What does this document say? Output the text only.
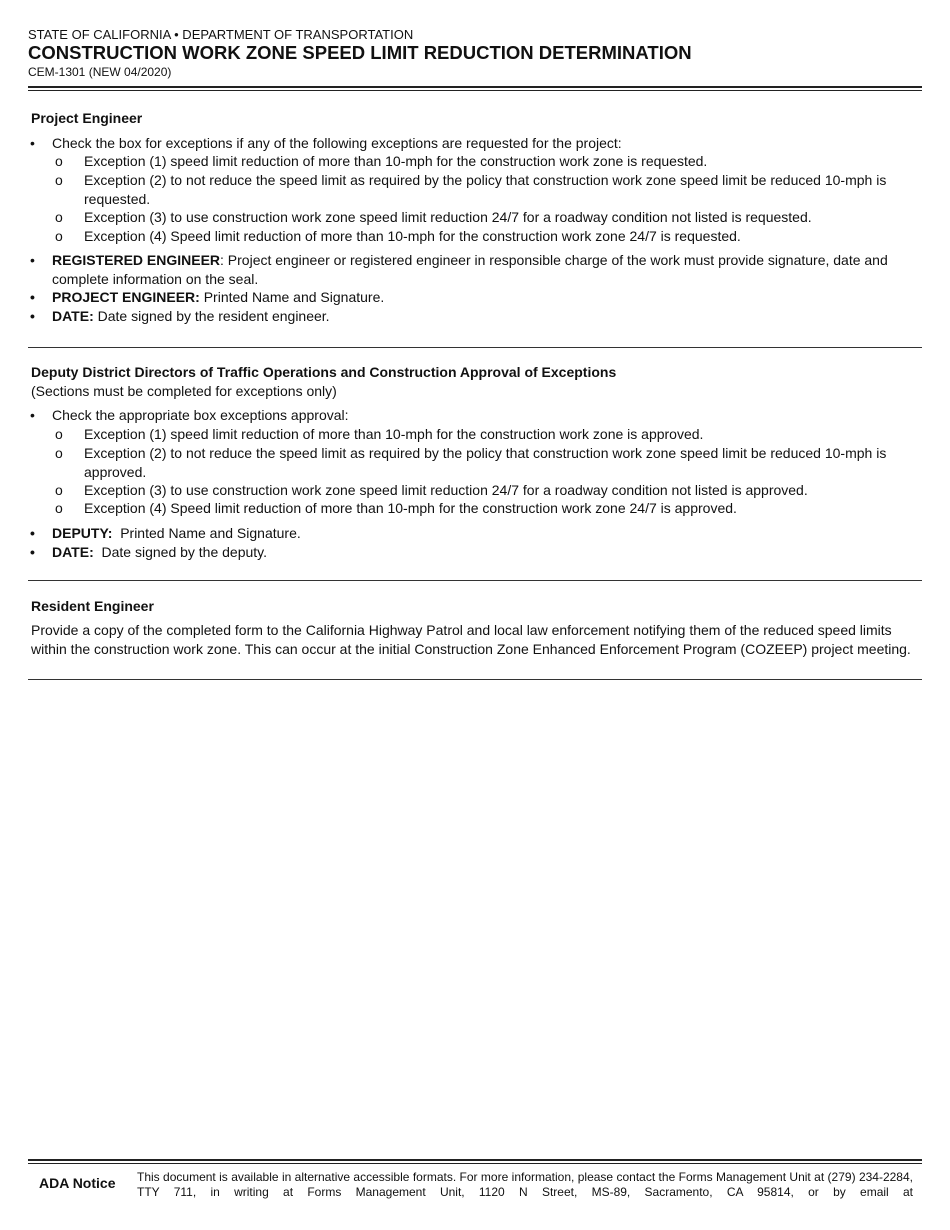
STATE OF CALIFORNIA • DEPARTMENT OF TRANSPORTATION
CONSTRUCTION WORK ZONE SPEED LIMIT REDUCTION DETERMINATION
CEM-1301 (NEW 04/2020)
Project Engineer
• Check the box for exceptions if any of the following exceptions are requested for the project:
o Exception (1) speed limit reduction of more than 10-mph for the construction work zone is requested.
o Exception (2) to not reduce the speed limit as required by the policy that construction work zone speed limit be reduced 10-mph is requested.
o Exception (3) to use construction work zone speed limit reduction 24/7 for a roadway condition not listed is requested.
o Exception (4) Speed limit reduction of more than 10-mph for the construction work zone 24/7 is requested.
• REGISTERED ENGINEER: Project engineer or registered engineer in responsible charge of the work must provide signature, date and complete information on the seal.
• PROJECT ENGINEER: Printed Name and Signature.
• DATE: Date signed by the resident engineer.
Deputy District Directors of Traffic Operations and Construction Approval of Exceptions
(Sections must be completed for exceptions only)
• Check the appropriate box exceptions approval:
o Exception (1) speed limit reduction of more than 10-mph for the construction work zone is approved.
o Exception (2) to not reduce the speed limit as required by the policy that construction work zone speed limit be reduced 10-mph is approved.
o Exception (3) to use construction work zone speed limit reduction 24/7 for a roadway condition not listed is approved.
o Exception (4) Speed limit reduction of more than 10-mph for the construction work zone 24/7 is approved.
• DEPUTY:  Printed Name and Signature.
• DATE:  Date signed by the deputy.
Resident Engineer
Provide a copy of the completed form to the California Highway Patrol and local law enforcement notifying them of the reduced speed limits within the construction work zone. This can occur at the initial Construction Zone Enhanced Enforcement Program (COZEEP) project meeting.
ADA Notice This document is available in alternative accessible formats. For more information, please contact the Forms Management Unit at (279) 234-2284, TTY 711, in writing at Forms Management Unit, 1120 N Street, MS-89, Sacramento, CA 95814, or by email at
